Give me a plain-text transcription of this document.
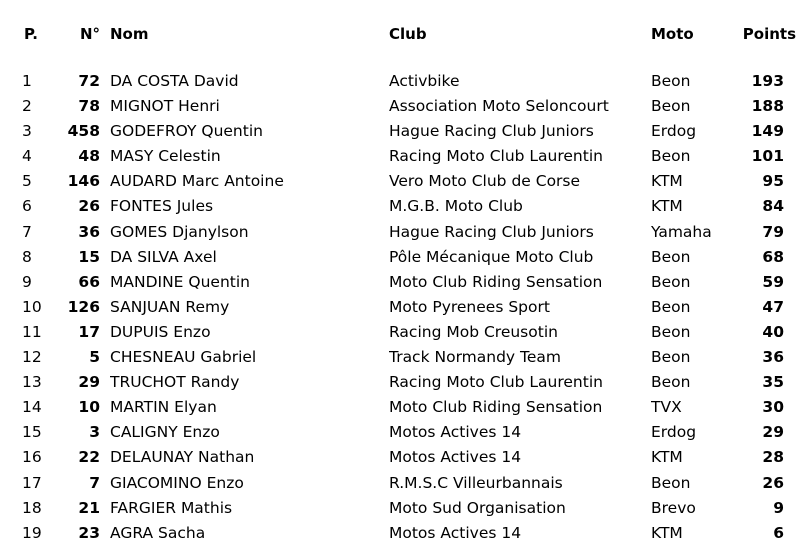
P.	N°	Nom	Club	Moto	Points

1	72	DA COSTA David	Activbike	Beon	193
2	78	MIGNOT Henri	Association Moto Seloncourt	Beon	188
3	458	GODEFROY Quentin	Hague Racing Club Juniors	Erdog	149
4	48	MASY Celestin	Racing Moto Club Laurentin	Beon	101
5	146	AUDARD Marc Antoine	Vero Moto Club de Corse	KTM	95
6	26	FONTES Jules	M.G.B. Moto Club	KTM	84
7	36	GOMES Djanylson	Hague Racing Club Juniors	Yamaha	79
8	15	DA SILVA Axel	Pôle Mécanique Moto Club	Beon	68
9	66	MANDINE Quentin	Moto Club Riding Sensation	Beon	59
10	126	SANJUAN Remy	Moto Pyrenees Sport	Beon	47
11	17	DUPUIS Enzo	Racing Mob Creusotin	Beon	40
12	5	CHESNEAU Gabriel	Track Normandy Team	Beon	36
13	29	TRUCHOT Randy	Racing Moto Club Laurentin	Beon	35
14	10	MARTIN Elyan	Moto Club Riding Sensation	TVX	30
15	3	CALIGNY Enzo	Motos Actives 14	Erdog	29
16	22	DELAUNAY Nathan	Motos Actives 14	KTM	28
17	7	GIACOMINO Enzo	R.M.S.C Villeurbannais	Beon	26
18	21	FARGIER Mathis	Moto Sud Organisation	Brevo	9
19	23	AGRA Sacha	Motos Actives 14	KTM	6
